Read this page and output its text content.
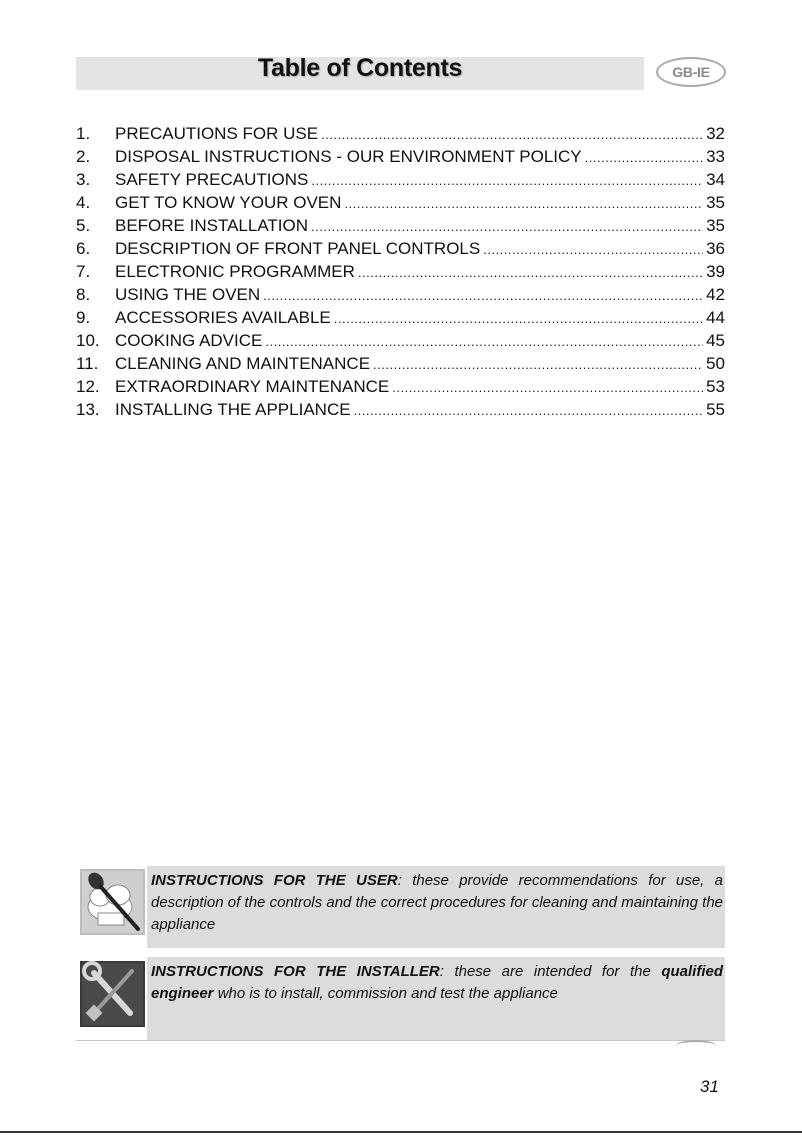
Table of Contents	GB-IE
1.	PRECAUTIONS FOR USE .....	32
2.	DISPOSAL INSTRUCTIONS - OUR ENVIRONMENT POLICY .....	33
3.	SAFETY PRECAUTIONS .....	34
4.	GET TO KNOW YOUR OVEN .....	35
5.	BEFORE INSTALLATION .....	35
6.	DESCRIPTION OF FRONT PANEL CONTROLS .....	36
7.	ELECTRONIC PROGRAMMER .....	39
8.	USING THE OVEN .....	42
9.	ACCESSORIES AVAILABLE .....	44
10. COOKING ADVICE .....	45
11. CLEANING AND MAINTENANCE .....	50
12. EXTRAORDINARY MAINTENANCE .....	53
13. INSTALLING THE APPLIANCE .....	55
INSTRUCTIONS FOR THE USER: these provide recommendations for use, a description of the controls and the correct procedures for cleaning and maintaining the appliance
INSTRUCTIONS FOR THE INSTALLER: these are intended for the qualified engineer who is to install, commission and test the appliance
31
